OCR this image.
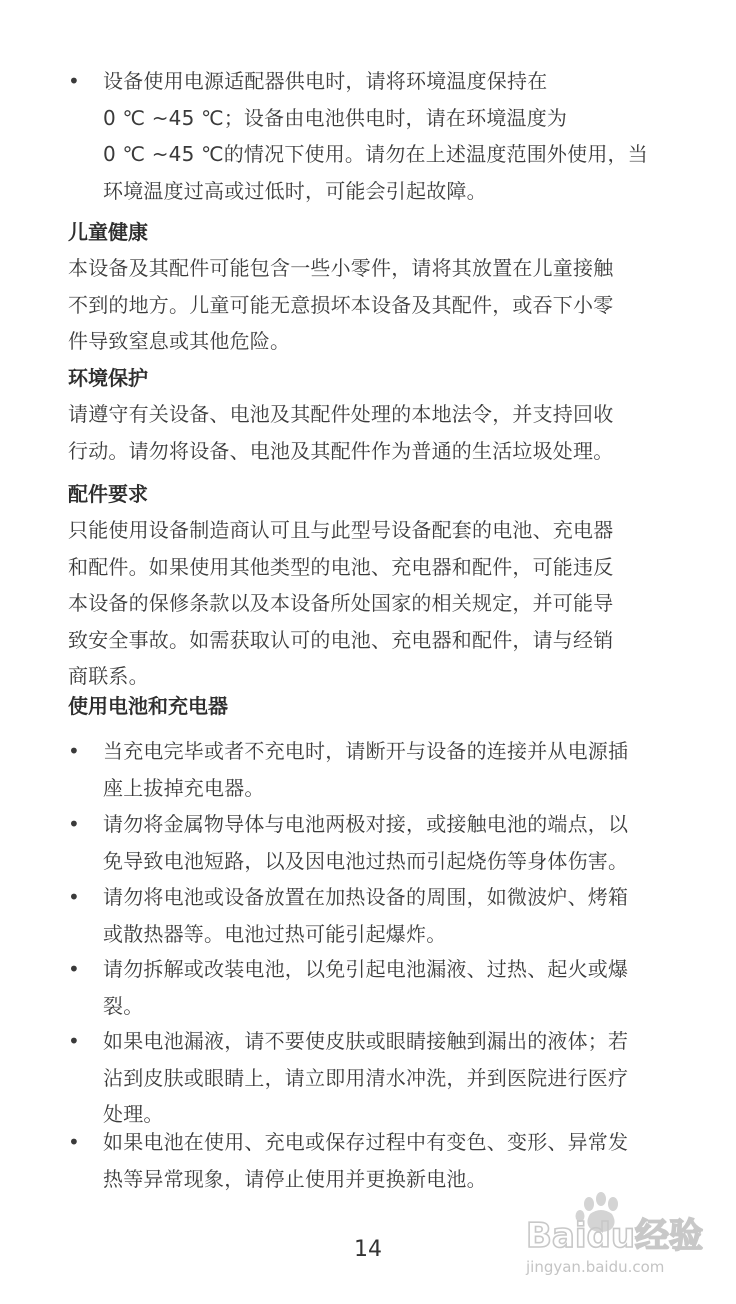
• 设备使用电源适配器供电时，请将环境温度保持在
0 ℃ ~45 ℃；设备由电池供电时，请在环境温度为
0 ℃ ~45 ℃的情况下使用。请勿在上述温度范围外使用，当
环境温度过高或过低时，可能会引起故障。

儿童健康

本设备及其配件可能包含一些小零件，请将其放置在儿童接触
不到的地方。儿童可能无意损坏本设备及其配件，或吞下小零
件导致窒息或其他危险。

环境保护

请遵守有关设备、电池及其配件处理的本地法令，并支持回收
行动。请勿将设备、电池及其配件作为普通的生活垃圾处理。

配件要求

只能使用设备制造商认可且与此型号设备配套的电池、充电器
和配件。如果使用其他类型的电池、充电器和配件，可能违反
本设备的保修条款以及本设备所处国家的相关规定，并可能导
致安全事故。如需获取认可的电池、充电器和配件，请与经销
商联系。

使用电池和充电器
• 当充电完毕或者不充电时，请断开与设备的连接并从电源插
座上拔掉充电器。

• 请勿将金属物导体与电池两极对接，或接触电池的端点，以
免导致电池短路，以及因电池过热而引起烧伤等身体伤害。

• 请勿将电池或设备放置在加热设备的周围，如微波炉、烤箱
或散热器等。电池过热可能引起爆炸。

• 请勿拆解或改装电池，以免引起电池漏液、过热、起火或爆
裂。

• 如果电池漏液，请不要使皮肤或眼睛接触到漏出的液体；若
沾到皮肤或眼睛上，请立即用清水冲洗，并到医院进行医疗
处理。

• 如果电池在使用、充电或保存过程中有变色、变形、异常发
热等异常现象，请停止使用并更换新电池。

14	Baidu经验
jingyan.baidu.com
